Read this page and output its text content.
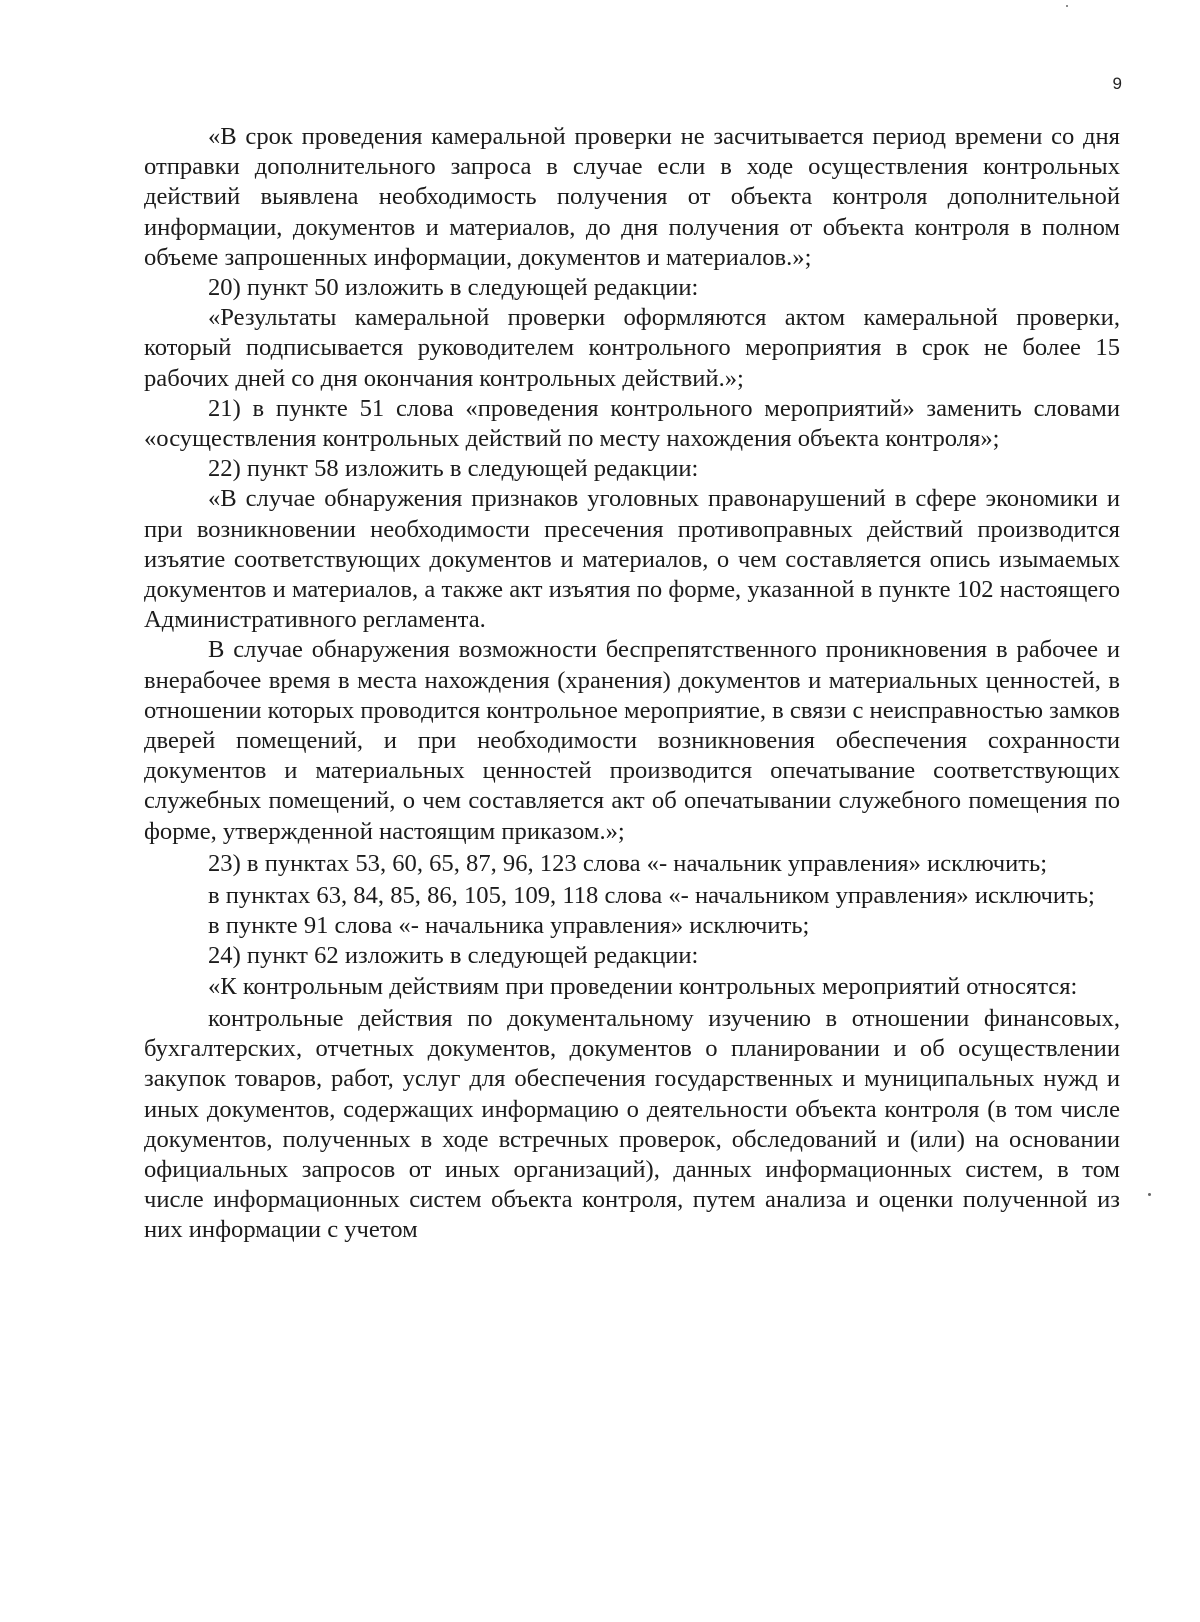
9

«В срок проведения камеральной проверки не засчитывается период времени со дня отправки дополнительного запроса в случае если в ходе осуществления контрольных действий выявлена необходимость получения от объекта контроля дополнительной информации, документов и материалов, до дня получения от объекта контроля в полном объеме запрошенных информации, документов и материалов.»;

20) пункт 50 изложить в следующей редакции:

«Результаты камеральной проверки оформляются актом камеральной проверки, который подписывается руководителем контрольного мероприятия в срок не более 15 рабочих дней со дня окончания контрольных действий.»;

21) в пункте 51 слова «проведения контрольного мероприятий» заменить словами «осуществления контрольных действий по месту нахождения объекта контроля»;

22) пункт 58 изложить в следующей редакции:

«В случае обнаружения признаков уголовных правонарушений в сфере экономики и при возникновении необходимости пресечения противоправных действий производится изъятие соответствующих документов и материалов, о чем составляется опись изымаемых документов и материалов, а также акт изъятия по форме, указанной в пункте 102 настоящего Административного регламента.

В случае обнаружения возможности беспрепятственного проникновения в рабочее и внерабочее время в места нахождения (хранения) документов и материальных ценностей, в отношении которых проводится контрольное мероприятие, в связи с неисправностью замков дверей помещений, и при необходимости возникновения обеспечения сохранности документов и материальных ценностей производится опечатывание соответствующих служебных помещений, о чем составляется акт об опечатывании служебного помещения по форме, утвержденной настоящим приказом.»;

23) в пунктах 53, 60, 65, 87, 96, 123 слова «- начальник управления» исключить;

в пунктах 63, 84, 85, 86, 105, 109, 118 слова «- начальником управления» исключить;

в пункте 91 слова «- начальника управления» исключить;

24) пункт 62 изложить в следующей редакции:

«К контрольным действиям при проведении контрольных мероприятий относятся:

контрольные действия по документальному изучению в отношении финансовых, бухгалтерских, отчетных документов, документов о планировании и об осуществлении закупок товаров, работ, услуг для обеспечения государственных и муниципальных нужд и иных документов, содержащих информацию о деятельности объекта контроля (в том числе документов, полученных в ходе встречных проверок, обследований и (или) на основании официальных запросов от иных организаций), данных информационных систем, в том числе информационных систем объекта контроля, путем анализа и оценки полученной из них информации с учетом
